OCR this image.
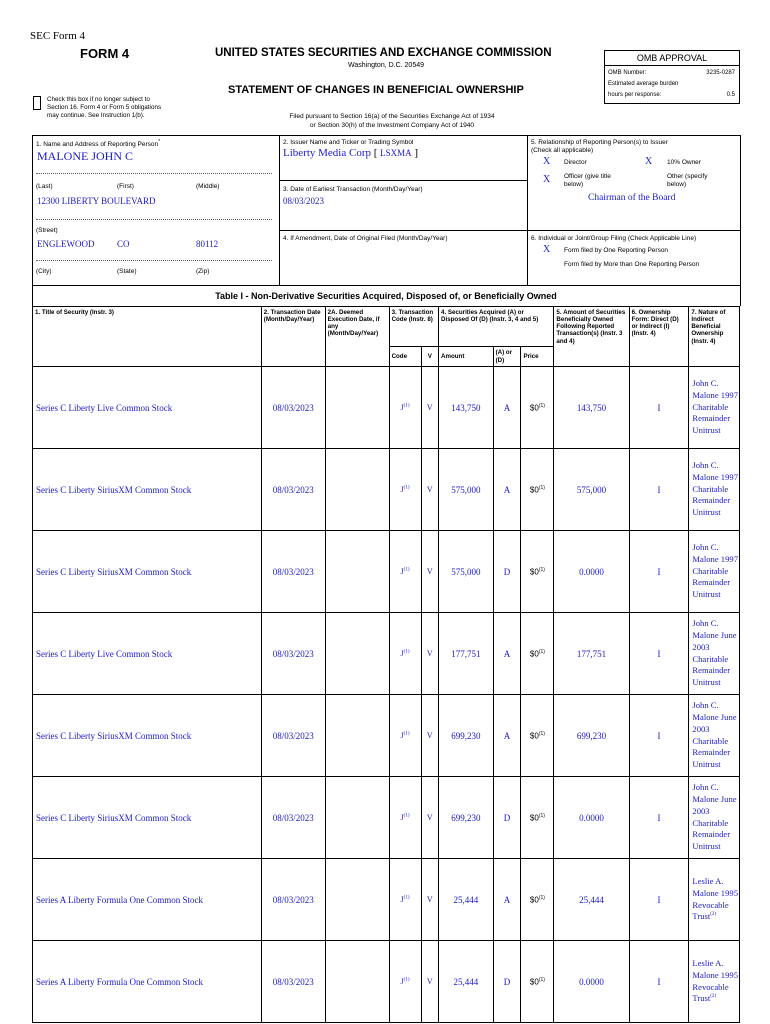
SEC Form 4
FORM 4	UNITED STATES SECURITIES AND EXCHANGE COMMISSION
Washington, D.C. 20549
STATEMENT OF CHANGES IN BENEFICIAL OWNERSHIP
Check this box if no longer subject to
Section 16. Form 4 or Form 5 obligations
may continue. See Instruction 1(b).	Filed pursuant to Section 16(a) of the Securities Exchange Act of 1934
or Section 30(h) of the Investment Company Act of 1940
OMB APPROVAL
OMB Number:	3235-0287
Estimated average burden
hours per response:	0.5
1. Name and Address of Reporting Person*
MALONE JOHN C
(Last)	(First)	(Middle)
12300 LIBERTY BOULEVARD
(Street)
ENGLEWOOD	CO	80112
(City)	(State)	(Zip)
2. Issuer Name and Ticker or Trading Symbol
Liberty Media Corp [ LSXMA ]
3. Date of Earliest Transaction (Month/Day/Year)
08/03/2023
4. If Amendment, Date of Original Filed (Month/Day/Year)
5. Relationship of Reporting Person(s) to Issuer
(Check all applicable)
X Director	X 10% Owner
X Officer (give title
below)
Other (specify
below)
Chairman of the Board
6. Individual or Joint/Group Filing (Check Applicable Line)
X Form filed by One Reporting Person
Form filed by More than One Reporting Person
Table I - Non-Derivative Securities Acquired, Disposed of, or Beneficially Owned
1. Title of Security (Instr. 3)	2. Transaction Date (Month/Day/Year)	2A. Deemed Execution Date, if any (Month/Day/Year)	3. Transaction Code (Instr. 8)		4. Securities Acquired (A) or Disposed Of (D) (Instr. 3, 4 and 5)			5. Amount of Securities Beneficially Owned Following Reported Transaction(s) (Instr. 3 and 4)	6. Ownership Form: Direct (D) or Indirect (I) (Instr. 4)	7. Nature of Indirect Beneficial Ownership (Instr. 4)
			Code	V	Amount	(A) or (D)	Price			
Series C Liberty Live Common Stock	08/03/2023		$J^{(1)}$	V	143,750	A	$0$^{(1)}$	143,750	I	John C. Malone 1997 Charitable Remainder Unitrust
Series C Liberty SiriusXM Common Stock	08/03/2023		$J^{(1)}$	V	575,000	A	$0$^{(1)}$	575,000	I	John C. Malone 1997 Charitable Remainder Unitrust
Series C Liberty SiriusXM Common Stock	08/03/2023		$J^{(1)}$	V	575,000	D	$0$^{(1)}$	0.0000	I	John C. Malone 1997 Charitable Remainder Unitrust
Series C Liberty Live Common Stock	08/03/2023		$J^{(1)}$	V	177,751	A	$0$^{(1)}$	177,751	I	John C. Malone June 2003 Charitable Remainder Unitrust
Series C Liberty SiriusXM Common Stock	08/03/2023		$J^{(1)}$	V	699,230	A	$0$^{(1)}$	699,230	I	John C. Malone June 2003 Charitable Remainder Unitrust
Series C Liberty SiriusXM Common Stock	08/03/2023		$J^{(1)}$	V	699,230	D	$0$^{(1)}$	0.0000	I	John C. Malone June 2003 Charitable Remainder Unitrust
Series A Liberty Formula One Common Stock	08/03/2023		$J^{(1)}$	V	25,444	A	$0$^{(1)}$	25,444	I	Leslie A. Malone 1995 Revocable Trust$^{(2)}$
Series A Liberty Formula One Common Stock	08/03/2023		$J^{(1)}$	V	25,444	D	$0$^{(1)}$	0.0000	I	Leslie A. Malone 1995 Revocable Trust$^{(2)}$
